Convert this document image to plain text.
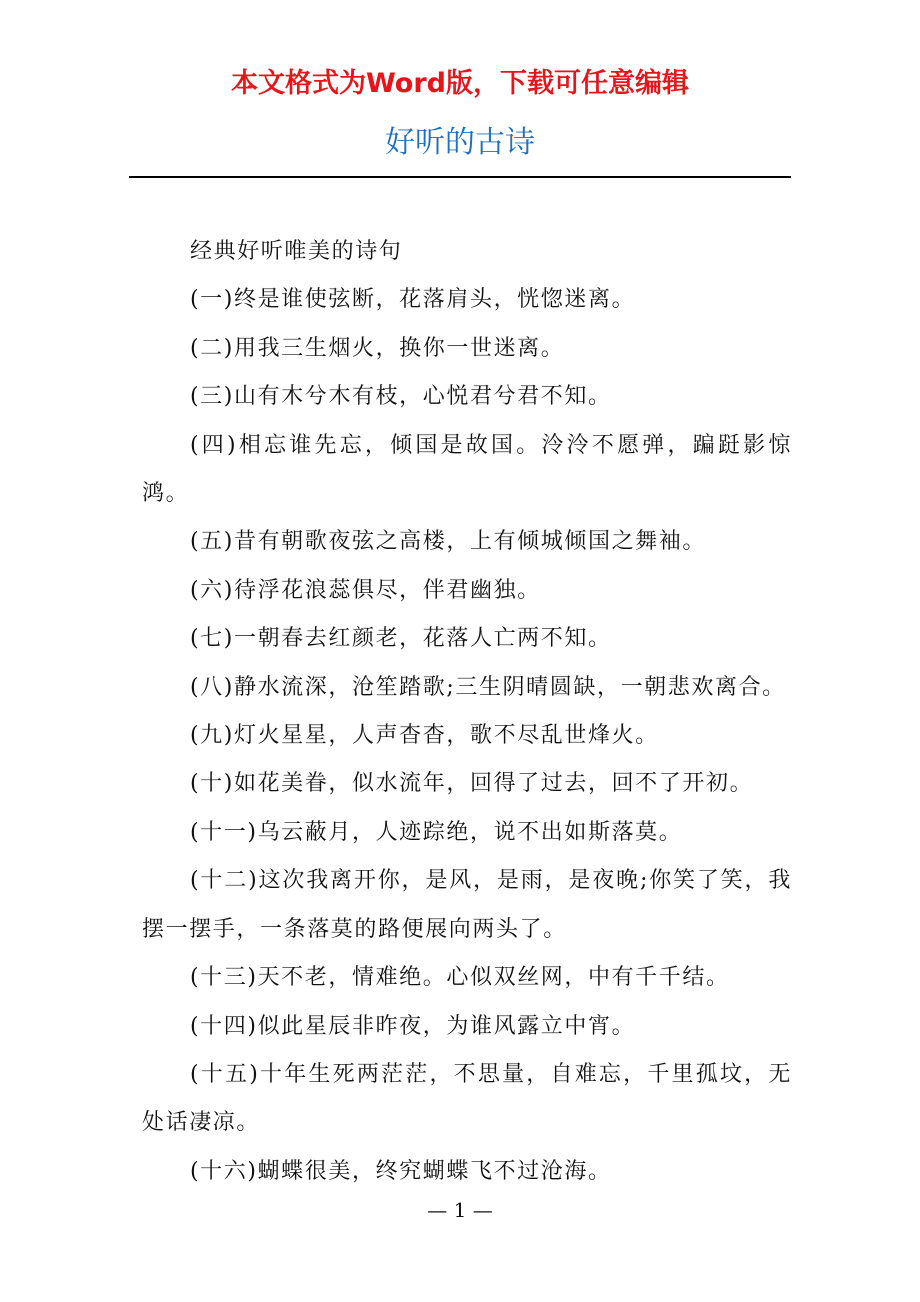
本文格式为Word版，下载可任意编辑
好听的古诗

经典好听唯美的诗句

(一)终是谁使弦断，花落肩头，恍惚迷离。

(二)用我三生烟火，换你一世迷离。

(三)山有木兮木有枝，心悦君兮君不知。

(四)相忘谁先忘，倾国是故国。泠泠不愿弹，蹁跹影惊鸿。

(五)昔有朝歌夜弦之高楼，上有倾城倾国之舞袖。

(六)待浮花浪蕊俱尽，伴君幽独。

(七)一朝春去红颜老，花落人亡两不知。

(八)静水流深，沧笙踏歌;三生阴晴圆缺，一朝悲欢离合。

(九)灯火星星，人声杳杳，歌不尽乱世烽火。

(十)如花美眷，似水流年，回得了过去，回不了开初。

(十一)乌云蔽月，人迹踪绝，说不出如斯落莫。

(十二)这次我离开你，是风，是雨，是夜晚;你笑了笑，我摆一摆手，一条落莫的路便展向两头了。

(十三)天不老，情难绝。心似双丝网，中有千千结。

(十四)似此星辰非昨夜，为谁风露立中宵。

(十五)十年生死两茫茫，不思量，自难忘，千里孤坟，无处话凄凉。

(十六)蝴蝶很美，终究蝴蝶飞不过沧海。

— 1 —
